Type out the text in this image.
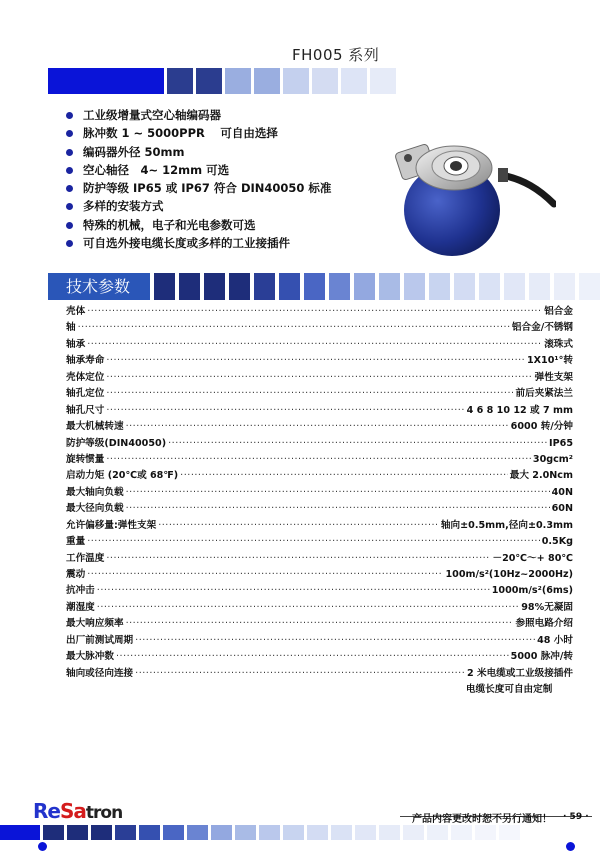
FH005 系列
工业级增量式空心轴编码器
脉冲数 1 ~ 5000PPR　 可自由选择
编码器外径 50mm
空心轴径　4~ 12mm 可选
防护等级 IP65 或 IP67 符合 DIN40050 标准
多样的安装方式
特殊的机械，电子和光电参数可选
可自选外接电缆长度或多样的工业接插件
技术参数
壳体 ·····	铝合金
轴 ·····	铝合金/不锈钢
轴承 ·····	滚珠式
轴承寿命 ·····	1X10¹°转
壳体定位 ·····	弹性支架
轴孔定位 ·····	前后夹紧法兰
轴孔尺寸 ·····	4 6 8 10 12 或 7 mm
最大机械转速 ·····	6000 转/分钟
防护等级(DIN40050) ·····	IP65
旋转惯量 ·····	30gcm²
启动力矩 (20℃或 68℉) ·····	最大 2.0Ncm
最大轴向负载 ·····	40N
最大径向负载 ·····	60N
允许偏移量:弹性支架 ·····	轴向±0.5mm,径向±0.3mm
重量 ·····	0.5Kg
工作温度 ·····	－20℃～+ 80℃
震动 ·····	100m/s²(10Hz~2000Hz)
抗冲击 ·····	1000m/s²(6ms)
潮湿度 ·····	98%无凝固
最大响应频率 ·····	参照电路介绍
出厂前测试周期 ·····	48 小时
最大脉冲数 ·····	5000 脉冲/转
轴向或径向连接 ·····	2 米电缆或工业级接插件
电缆长度可自由定制
ReSatron	产品内容更改时恕不另行通知！ · 59 ·
